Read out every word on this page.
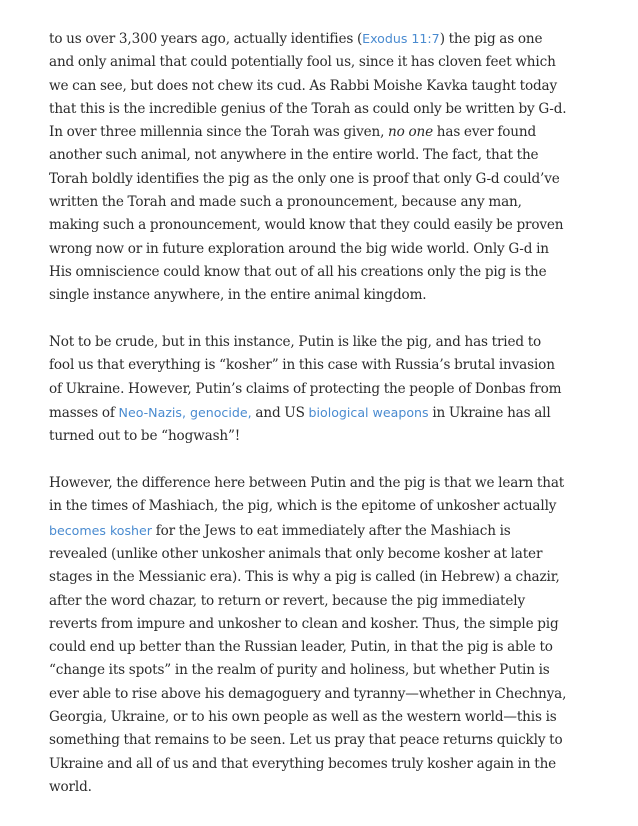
to us over 3,300 years ago, actually identifies (Exodus 11:7) the pig as one and only animal that could potentially fool us, since it has cloven feet which we can see, but does not chew its cud. As Rabbi Moishe Kavka taught today that this is the incredible genius of the Torah as could only be written by G-d. In over three millennia since the Torah was given, no one has ever found another such animal, not anywhere in the entire world. The fact, that the Torah boldly identifies the pig as the only one is proof that only G-d could’ve written the Torah and made such a pronouncement, because any man, making such a pronouncement, would know that they could easily be proven wrong now or in future exploration around the big wide world. Only G-d in His omniscience could know that out of all his creations only the pig is the single instance anywhere, in the entire animal kingdom.

Not to be crude, but in this instance, Putin is like the pig, and has tried to fool us that everything is “kosher” in this case with Russia’s brutal invasion of Ukraine. However, Putin’s claims of protecting the people of Donbas from masses of Neo-Nazis, genocide, and US biological weapons in Ukraine has all turned out to be “hogwash”!

However, the difference here between Putin and the pig is that we learn that in the times of Mashiach, the pig, which is the epitome of unkosher actually becomes kosher for the Jews to eat immediately after the Mashiach is revealed (unlike other unkosher animals that only become kosher at later stages in the Messianic era). This is why a pig is called (in Hebrew) a chazir, after the word chazar, to return or revert, because the pig immediately reverts from impure and unkosher to clean and kosher. Thus, the simple pig could end up better than the Russian leader, Putin, in that the pig is able to “change its spots” in the realm of purity and holiness, but whether Putin is ever able to rise above his demagoguery and tyranny—whether in Chechnya, Georgia, Ukraine, or to his own people as well as the western world—this is something that remains to be seen. Let us pray that peace returns quickly to Ukraine and all of us and that everything becomes truly kosher again in the world.
